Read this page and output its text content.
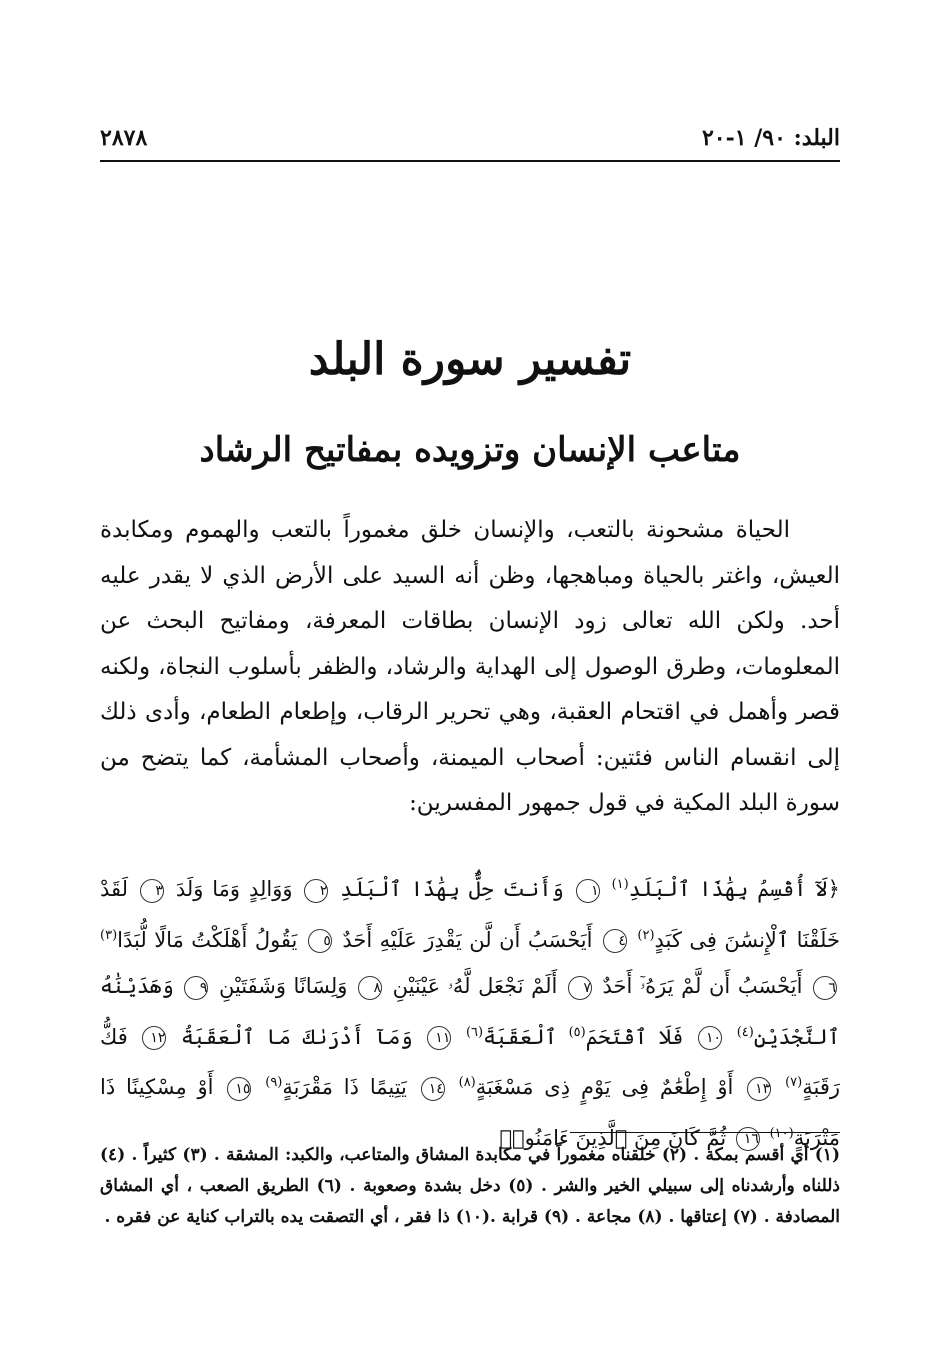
البلد: ٩٠/ ١-٢٠
٢٨٧٨
تفسير سورة البلد
متاعب الإنسان وتزويده بمفاتيح الرشاد

الحياة مشحونة بالتعب، والإنسان خلق مغموراً بالتعب والهموم ومكابدة العيش، واغتر بالحياة ومباهجها، وظن أنه السيد على الأرض الذي لا يقدر عليه أحد. ولكن الله تعالى زود الإنسان بطاقات المعرفة، ومفاتيح البحث عن المعلومات، وطرق الوصول إلى الهداية والرشاد، والظفر بأسلوب النجاة، ولكنه قصر وأهمل في اقتحام العقبة، وهي تحرير الرقاب، وإطعام الطعام، وأدى ذلك إلى انقسام الناس فئتين: أصحاب الميمنة، وأصحاب المشأمة، كما يتضح من سورة البلد المكية في قول جمهور المفسرين:

﴿لَآ أُقْسِمُ بِهَٰذَا ٱلْبَلَدِ$^{(١)}$ ١ وَأَنتَ حِلٌّۢ بِهَٰذَا ٱلْبَلَدِ ٢ وَوَالِدٍ وَمَا وَلَدَ ٣ لَقَدْ خَلَقْنَا ٱلْإِنسَٰنَ فِى كَبَدٍ$^{(٢)}$ ٤ أَيَحْسَبُ أَن لَّن يَقْدِرَ عَلَيْهِ أَحَدٌ ٥ يَقُولُ أَهْلَكْتُ مَالًا لُّبَدًا$^{(٣)}$ ٦ أَيَحْسَبُ أَن لَّمْ يَرَهُۥٓ أَحَدٌ ٧ أَلَمْ نَجْعَل لَّهُۥ عَيْنَيْنِ ٨ وَلِسَانًا وَشَفَتَيْنِ ٩ وَهَدَيْنَٰهُ ٱلنَّجْدَيْنِ$^{(٤)}$ ١٠ فَلَا ٱقْتَحَمَ$^{(٥)}$ ٱلْعَقَبَةَ$^{(٦)}$ ١١ وَمَآ أَدْرَىٰكَ مَا ٱلْعَقَبَةُ ١٢ فَكُّ رَقَبَةٍ$^{(٧)}$ ١٣ أَوْ إِطْعَٰمٌ فِى يَوْمٍ ذِى مَسْغَبَةٍ$^{(٨)}$ ١٤ يَتِيمًا ذَا مَقْرَبَةٍ$^{(٩)}$ ١٥ أَوْ مِسْكِينًا ذَا مَتْرَبَةٍ$^{(١٠)}$ ١٦ ثُمَّ كَانَ مِنَ ٱلَّذِينَ ءَامَنُوا۟

(١) أي أقسم بمكة . (٢) خلقناه مغموراً في مكابدة المشاق والمتاعب، والكبد: المشقة . (٣) كثيراً . (٤) ذللناه وأرشدناه إلى سبيلي الخير والشر . (٥) دخل بشدة وصعوبة . (٦) الطريق الصعب ، أي المشاق المصادفة . (٧) إعتاقها . (٨) مجاعة . (٩) قرابة .(١٠) ذا فقر ، أي التصقت يده بالتراب كناية عن فقره .
